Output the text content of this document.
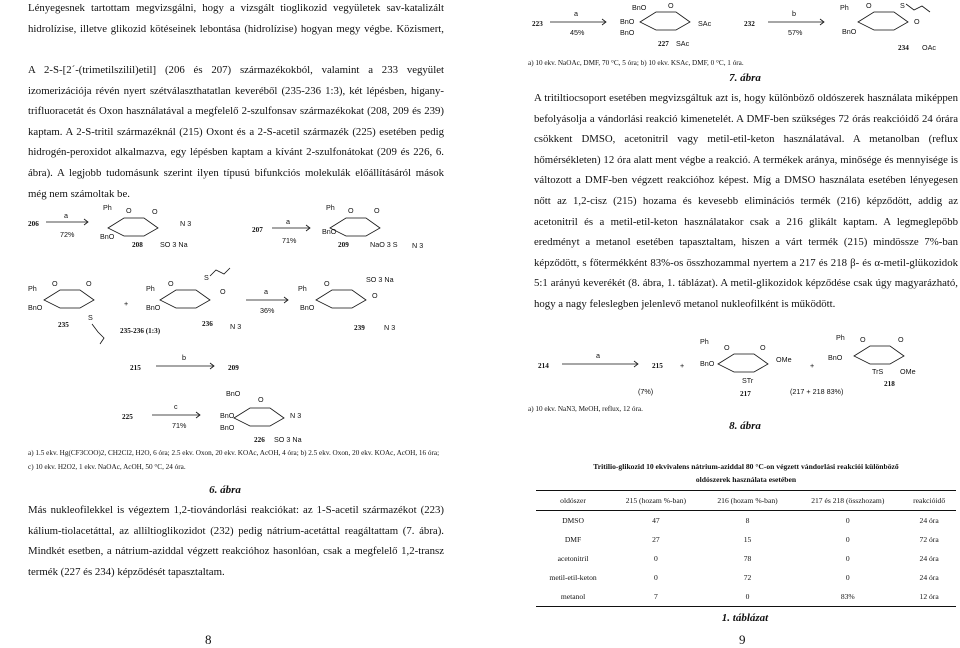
Lényegesnek tartottam megvizsgálni, hogy a vizsgált tioglikozid vegyületek sav-katalizált hidrolízise, illetve glikozid kötéseinek lebontása (hidrolízise) hogyan megy végbe. Közismert,

A 2-S-[2´-(trimetilszilil)etil] (206 és 207) származékokból, valamint a 233 vegyület izomerizációja révén nyert szétválaszthatatlan keveréből (235-236 1:3), két lépésben, higany-trifluoracetát és Oxon használatával a megfelelő 2-szulfonsav származékokat (208, 209 és 239) kaptam. A 2-S-tritil származéknál (215) Oxont és a 2-S-acetil származék (225) esetében pedig hidrogén-peroxidot alkalmazva, egy lépésben kaptam a kívánt 2-szulfonátokat (209 és 226, 6. ábra). A legjobb tudomásunk szerint ilyen típusú bifunkciós molekulák előállításáról mások még nem számoltak be.

206
a
72%
Ph O
BnO
O
N 3
SO 3 Na
208
207
a
71%
Ph O
BnO
O
N 3
NaO 3 S
209
Ph
O
BnO
O
S
235
+
235-236 (1:3)
Ph
O
BnO
S
O
N 3
236
a
36%
Ph
O
BnO
SO 3 Na
O
N 3
239
215
b
209
225
c
71%
BnO
O
BnO
BnO
N 3
SO 3 Na
226

a) 1.5 ekv. Hg(CF3COO)2, CH2Cl2, H2O, 6 óra; 2.5 ekv. Oxon, 20 ekv. KOAc, AcOH, 4 óra; b) 2.5 ekv. Oxon, 20 ekv. KOAc, AcOH, 16 óra; c) 10 ekv. H2O2, 1 ekv. NaOAc, AcOH, 50 °C, 24 óra.

6. ábra

Más nukleofilekkel is végeztem 1,2-tiovándorlási reakciókat: az 1-S-acetil származékot (223) kálium-tiolacetáttal, az alliltioglikozidot (232) pedig nátrium-acetáttal reagáltattam (7. ábra). Mindkét esetben, a nátrium-aziddal végzett reakcióhoz hasonlóan, csak a megfelelő 1,2-transz termék (227 és 234) képződését tapasztaltam.

8
223
a
45%
BnO
BnO
BnO
O
SAc
227 SAc
232
b
57%
Ph O
BnO
S
O
234 OAc

a) 10 ekv. NaOAc, DMF, 70 °C, 5 óra; b) 10 ekv. KSAc, DMF, 0 °C, 1 óra.

7. ábra

A tritiltiocsoport esetében megvizsgáltuk azt is, hogy különböző oldószerek használata miképpen befolyásolja a vándorlási reakció kimenetelét. A DMF-ben szükséges 72 órás reakcióidő 24 órára csökkent DMSO, acetonitril vagy metil-etil-keton használatával. A metanolban (reflux hőmérsékleten) 12 óra alatt ment végbe a reakció. A termékek aránya, minősége és mennyisége is változott a DMF-ben végzett reakcióhoz képest. Míg a DMSO használata esetében lényegesen nőtt az 1,2-cisz (215) hozama és kevesebb eliminációs termék (216) képződött, addig az acetonitril és a metil-etil-keton használatakor csak a 216 glikált kaptam. A legmeglepőbb eredményt a metanol esetében tapasztaltam, hiszen a várt termék (215) mindössze 7%-ban képződött, s főtermékként 83%-os összhozammal nyertem a 217 és 218 β- és α-metil-glükozidok 5:1 arányú keverékét (8. ábra, 1. táblázat). A metil-glikozidok képződése csak úgy magyarázható, hogy a nagy feleslegben jelenlevő metanol nukleofilként is működött.

214
a
215 +
Ph
O
BnO
O
OMe
STr
217
+
Ph O
BnO
O
TrS OMe
218
(7%)	(217 + 218 83%)

a) 10 ekv. NaN3, MeOH, reflux, 12 óra.

8. ábra
Tritilio-glikozid 10 ekvivalens nátrium-aziddal 80 °C-on végzett vándorlási reakciói különböző
oldószerek használata esetében
oldószer	215 (hozam %-ban)	216 (hozam %-ban)	217 és 218 (összhozam)	reakcióidő
DMSO	47	8	0	24 óra
DMF	27	15	0	72 óra
acetonitril	0	78	0	24 óra
metil-etil-keton	0	72	0	24 óra
metanol	7	0	83%	12 óra
1. táblázat
9
